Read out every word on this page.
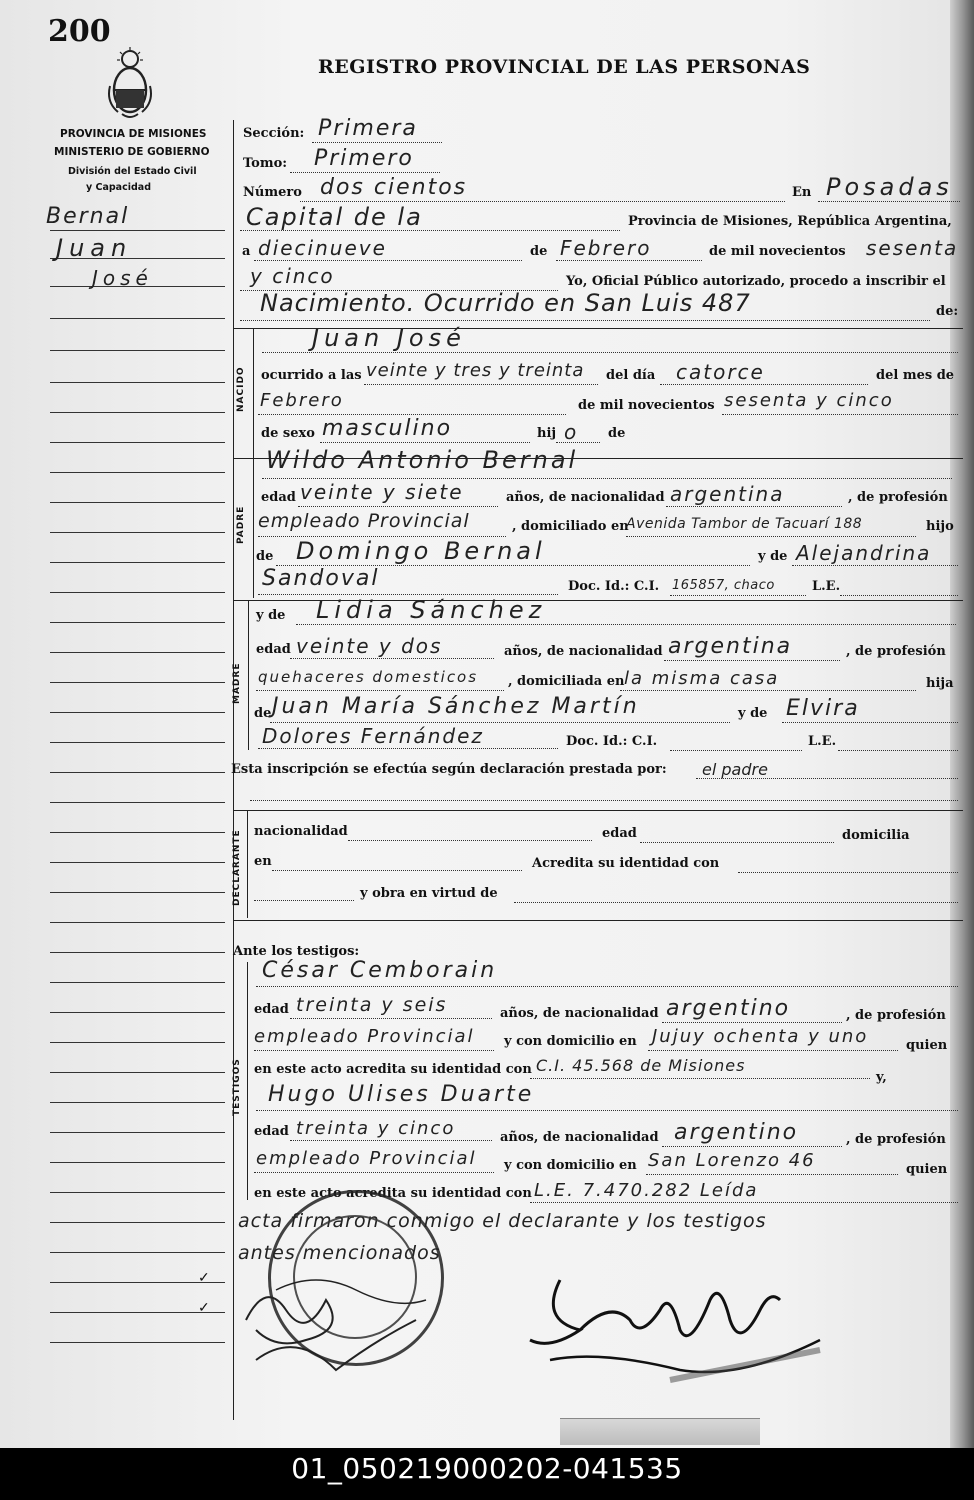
200
REGISTRO PROVINCIAL DE LAS PERSONAS
PROVINCIA DE MISIONES
MINISTERIO DE GOBIERNO
División del Estado Civil
y Capacidad
Bernal
Juan
José
Sección: Primera
Tomo: Primero
Número dos cientos	En Posadas
Capital de la	Provincia de Misiones, República Argentina,
a diecinueve	de Febrero	de mil novecientos sesenta
y cinco	Yo, Oficial Público autorizado, procedo a inscribir el
Nacimiento. Ocurrido en San Luis 487	de:
NACIDO
Juan José
ocurrido a las veinte y tres y treinta del día catorce	del mes de
Febrero	de mil novecientos sesenta y cinco
de sexo masculino	hij o de
PADRE
Wildo Antonio Bernal
edad veinte y siete	años, de nacionalidad argentina	, de profesión
empleado Provincial	, domiciliado en
Avenida Tambor de Tacuarí 188	hijo
de Domingo Bernal	y de Alejandrina
Sandoval	Doc. Id.: C.I. 165857, chaco	L.E.
MADRE
y de Lidia Sánchez
edad veinte y dos	años, de nacionalidad argentina	, de profesión
quehaceres domesticos , domiciliada en la misma casa	hija
de Juan María Sánchez Martín	y de Elvira
Dolores Fernández	Doc. Id.: C.I.	L.E.
Esta inscripción se efectúa según declaración prestada por: el padre
DECLARANTE nacionalidad	edad	domicilia
en	Acredita su identidad con
y obra en virtud de
Ante los testigos:
TESTIGOS
César Cemborain
edad treinta y seis	años, de nacionalidad argentino	, de profesión
empleado Provincial y con domicilio en Jujuy ochenta y uno	quien
en este acto acredita su identidad con C.I. 45.568 de Misiones
y,
Hugo Ulises Duarte
edad treinta y cinco	años, de nacionalidad argentino	, de profesión
empleado Provincial y con domicilio en San Lorenzo 46	quien
en este acto acredita su identidad con L.E. 7.470.282 Leída
acta firmaron conmigo el declarante y los testigos
antes mencionados
✓
✓
01_050219000202-041535
